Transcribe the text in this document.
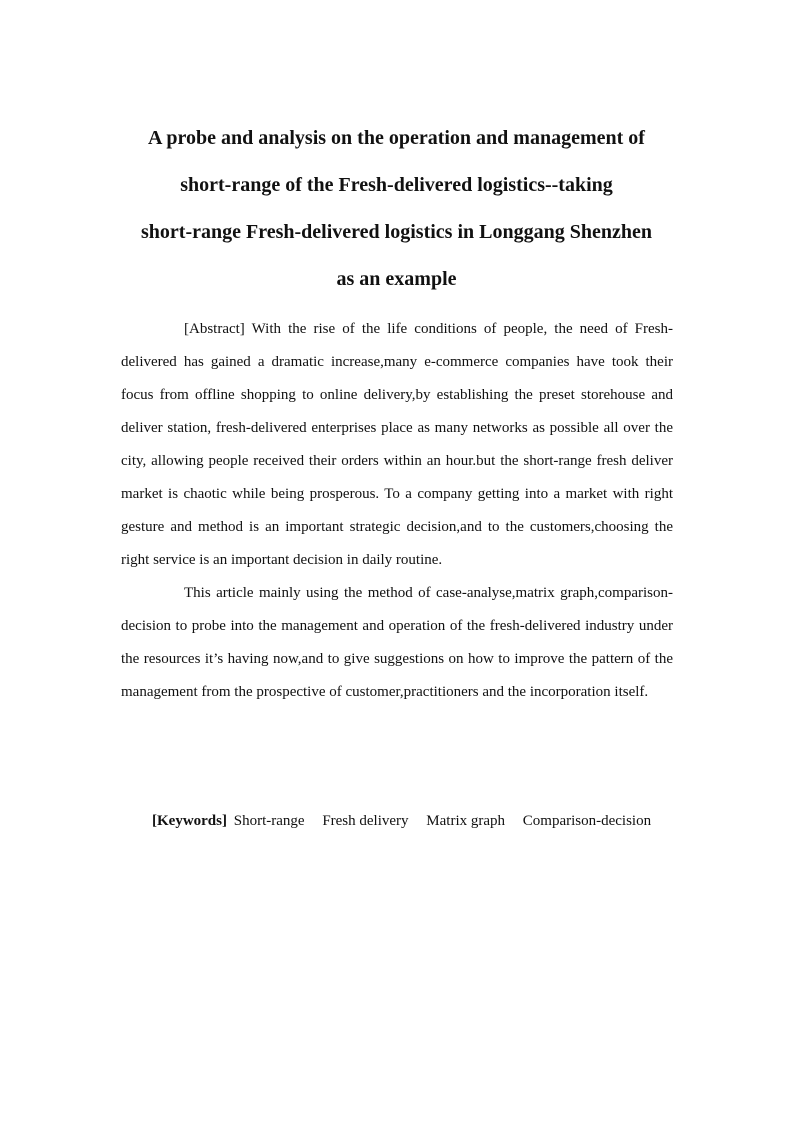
A probe and analysis on the operation and management of
short-range of the Fresh-delivered logistics--taking
short-range Fresh-delivered logistics in Longgang Shenzhen
as an example

[Abstract] With the rise of the life conditions of people, the need of Fresh-delivered has gained a dramatic increase,many e-commerce companies have took their focus from offline shopping to online delivery,by establishing the preset storehouse and deliver station, fresh-delivered enterprises place as many networks as possible all over the city, allowing people received their orders within an hour.but the short-range fresh deliver market is chaotic while being prosperous. To a company getting into a market with right gesture and method is an important strategic decision,and to the customers,choosing the right service is an important decision in daily routine.

This article mainly using the method of case-analyse,matrix graph,comparison-decision to probe into the management and operation of the fresh-delivered industry under the resources it’s having now,and to give suggestions on how to improve the pattern of the management from the prospective of customer,practitioners and the incorporation itself.

[Keywords] Short-range Fresh delivery Matrix graph Comparison-decision
